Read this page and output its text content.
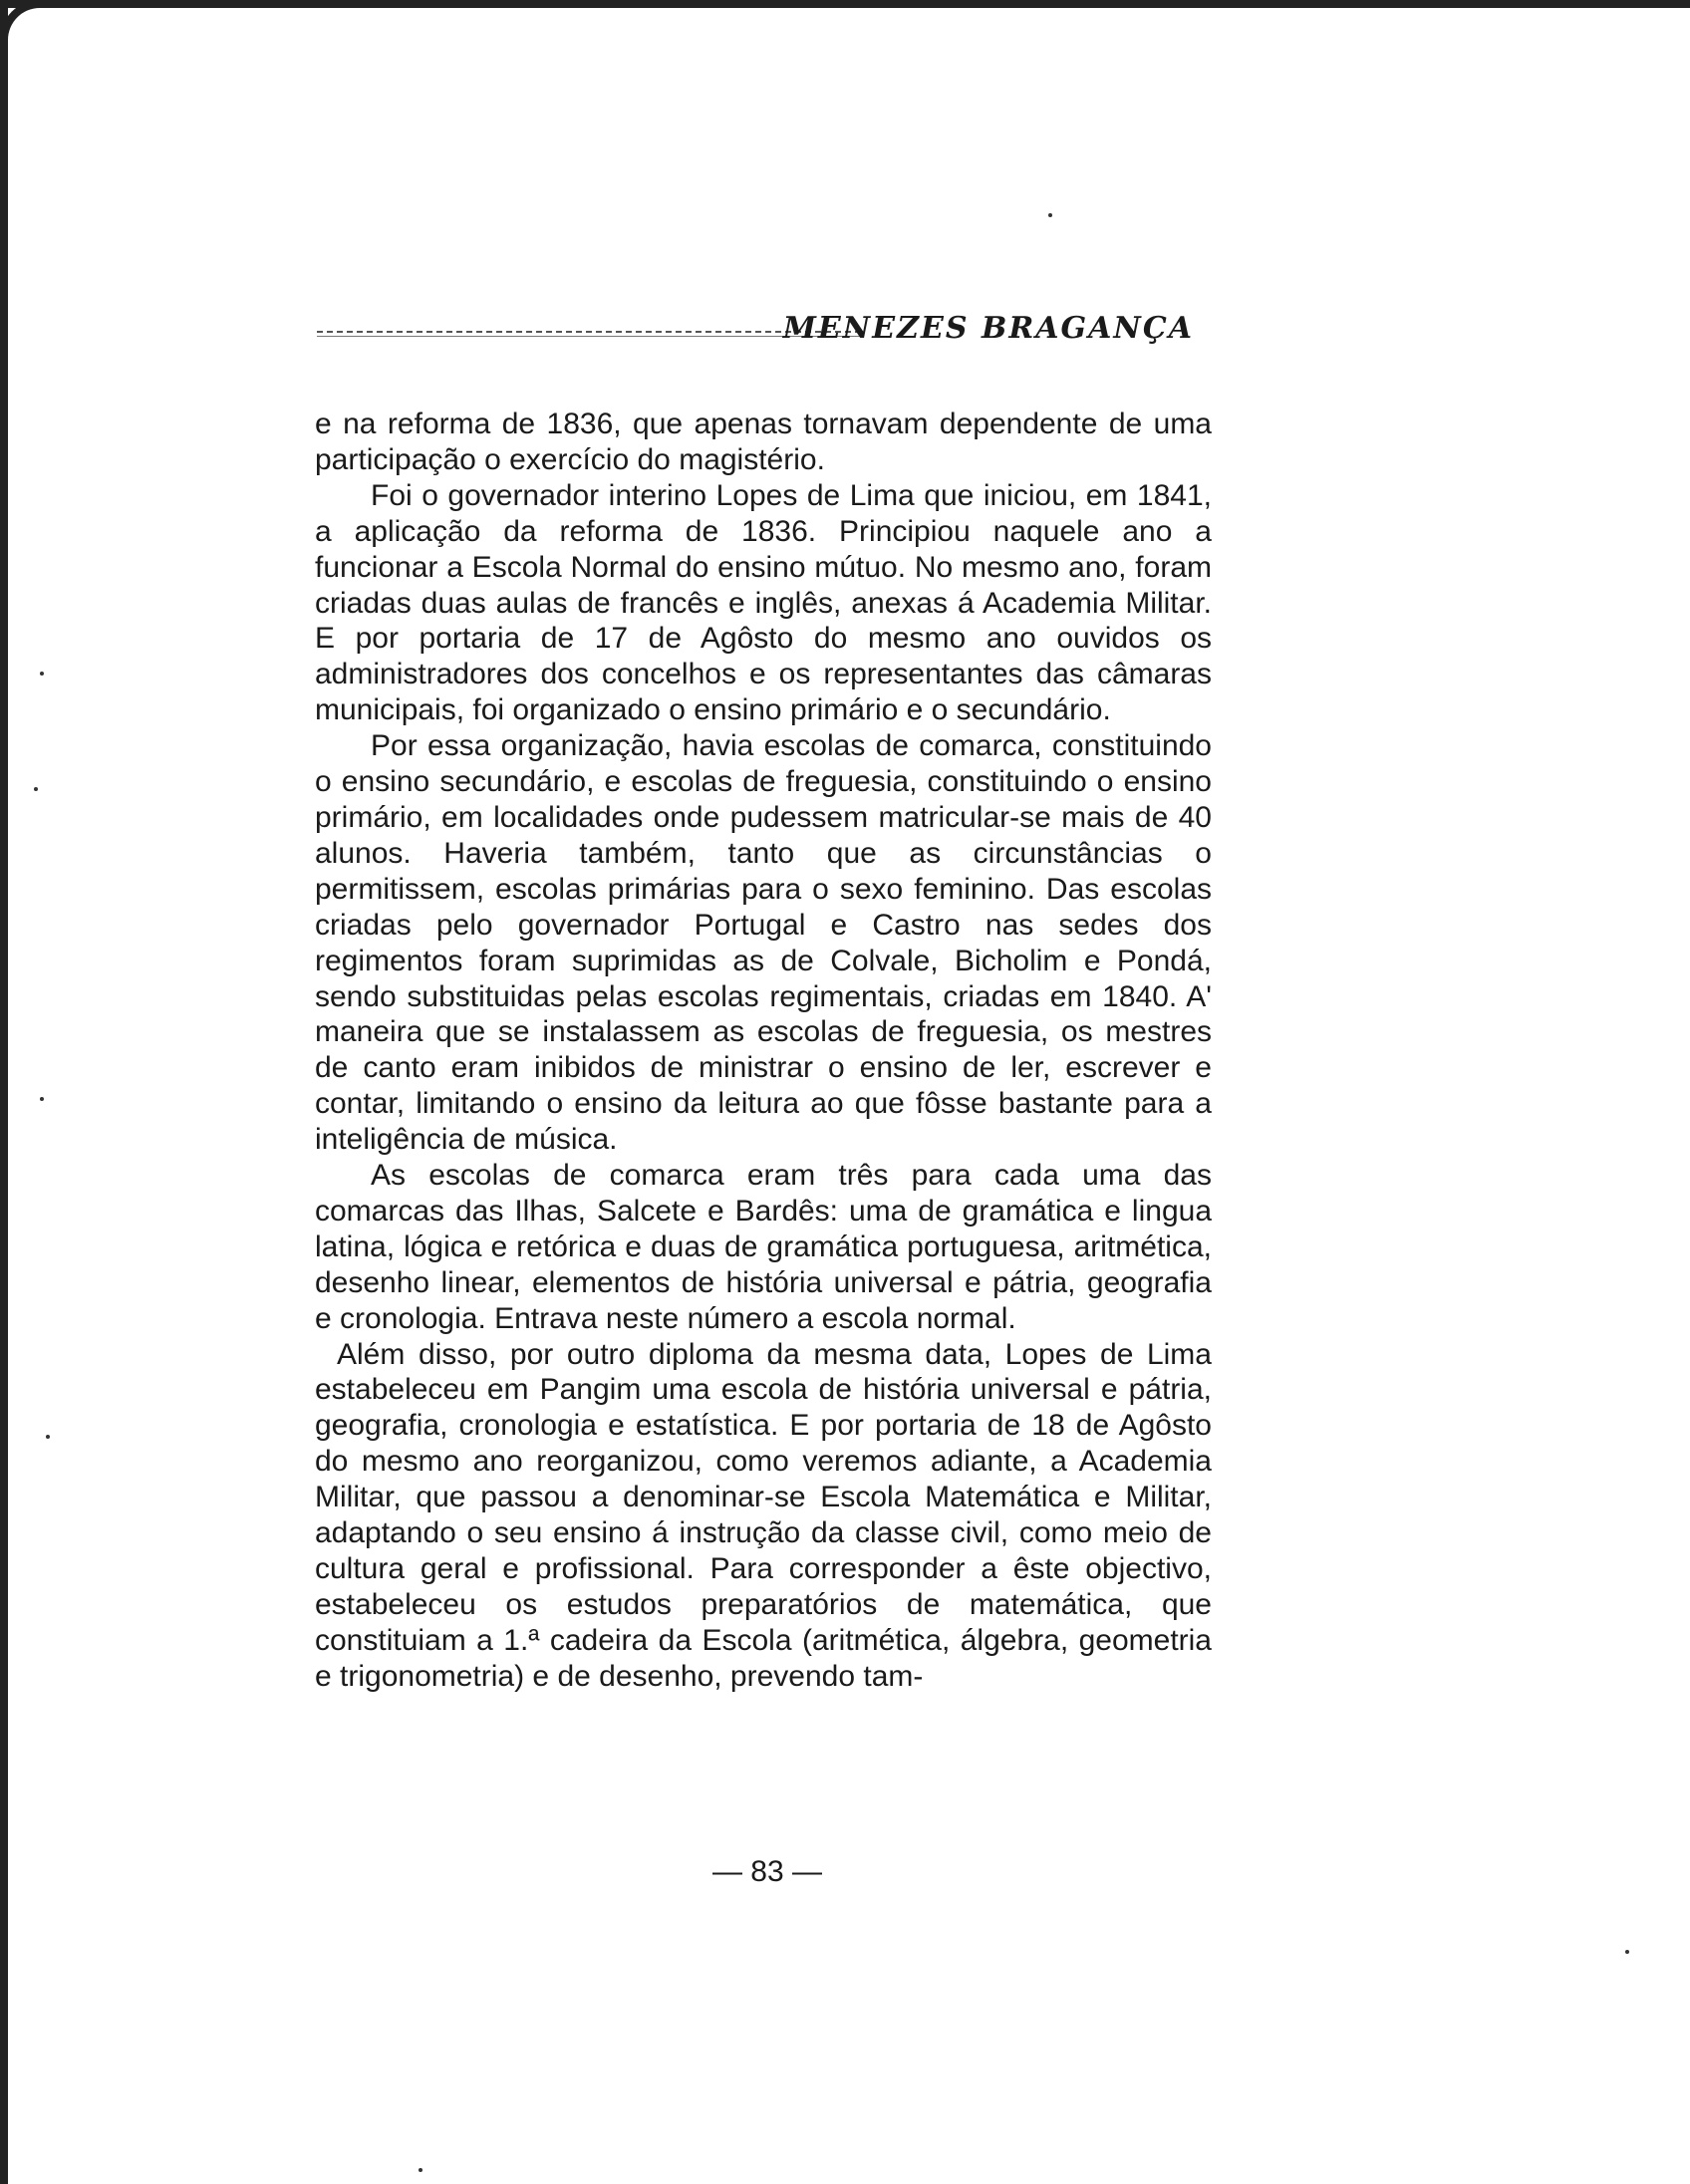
MENEZES BRAGANÇA

e na reforma de 1836, que apenas tornavam dependente de uma participação o exercício do magistério.

Foi o governador interino Lopes de Lima que iniciou, em 1841, a aplicação da reforma de 1836. Principiou naquele ano a funcionar a Escola Normal do ensino mútuo. No mesmo ano, foram criadas duas aulas de francês e inglês, anexas á Academia Militar. E por portaria de 17 de Agôsto do mesmo ano ouvidos os administradores dos concelhos e os representantes das câmaras municipais, foi organizado o ensino primário e o secundário.

Por essa organização, havia escolas de comarca, constituindo o ensino secundário, e escolas de freguesia, constituindo o ensino primário, em localidades onde pudessem matricular-se mais de 40 alunos. Haveria também, tanto que as circunstâncias o permitissem, escolas primárias para o sexo feminino. Das escolas criadas pelo governador Portugal e Castro nas sedes dos regimentos foram suprimidas as de Colvale, Bicholim e Pondá, sendo substituidas pelas escolas regimentais, criadas em 1840. A' maneira que se instalassem as escolas de freguesia, os mestres de canto eram inibidos de ministrar o ensino de ler, escrever e contar, limitando o ensino da leitura ao que fôsse bastante para a inteligência de música.

As escolas de comarca eram três para cada uma das comarcas das Ilhas, Salcete e Bardês: uma de gramática e lingua latina, lógica e retórica e duas de gramática portuguesa, aritmética, desenho linear, elementos de história universal e pátria, geografia e cronologia. Entrava neste número a escola normal.

Além disso, por outro diploma da mesma data, Lopes de Lima estabeleceu em Pangim uma escola de história universal e pátria, geografia, cronologia e estatística. E por portaria de 18 de Agôsto do mesmo ano reorganizou, como veremos adiante, a Academia Militar, que passou a denominar-se Escola Matemática e Militar, adaptando o seu ensino á instrução da classe civil, como meio de cultura geral e profissional. Para corresponder a êste objectivo, estabeleceu os estudos preparatórios de matemática, que constituiam a 1.ª cadeira da Escola (aritmética, álgebra, geometria e trigonometria) e de desenho, prevendo tam-

— 83 —
